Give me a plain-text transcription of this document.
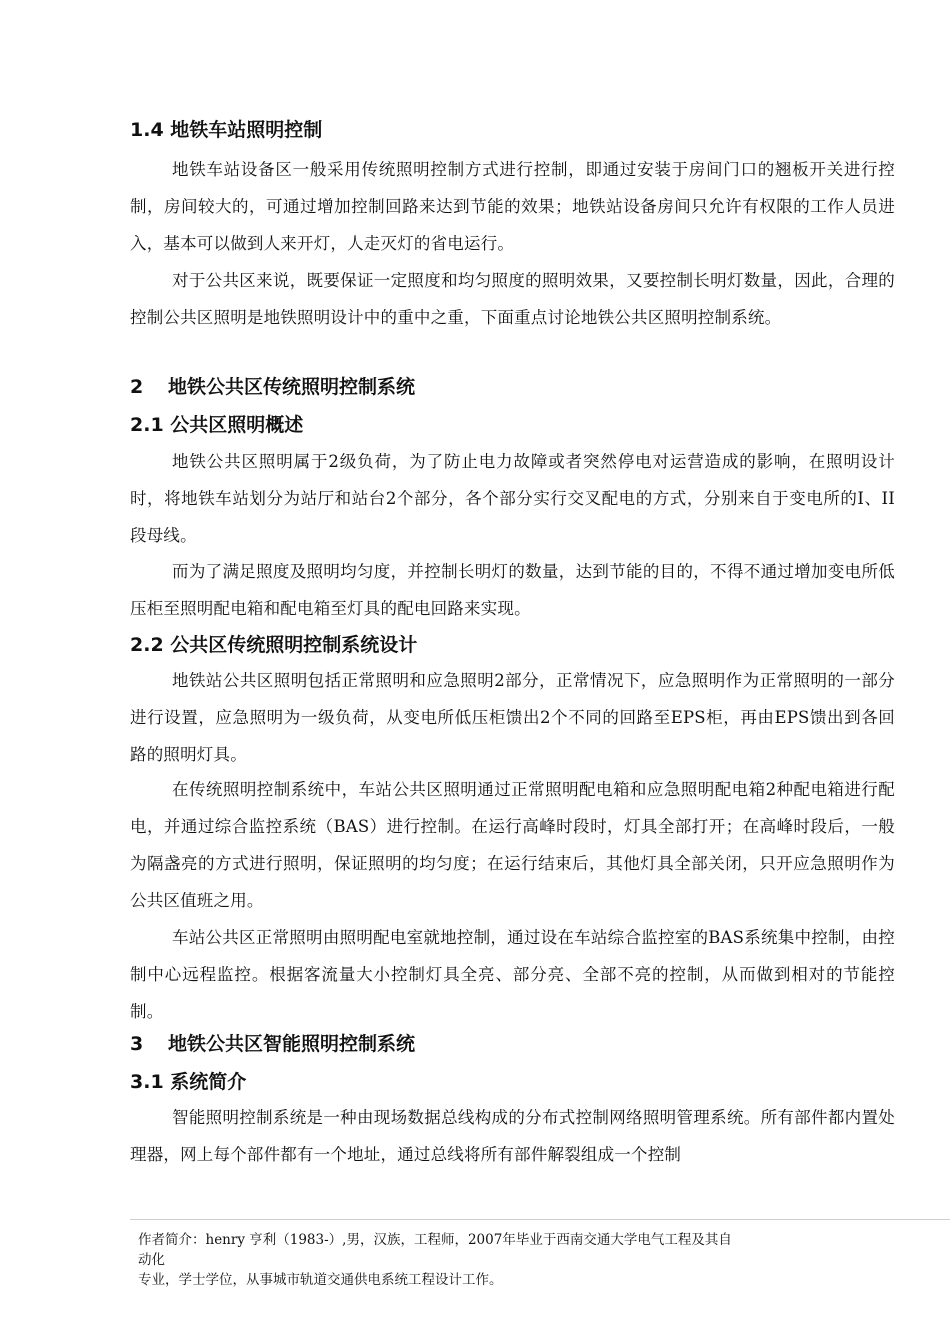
1.4 地铁车站照明控制
地铁车站设备区一般采用传统照明控制方式进行控制，即通过安装于房间门口的翘板开关进行控制，房间较大的，可通过增加控制回路来达到节能的效果；地铁站设备房间只允许有权限的工作人员进入，基本可以做到人来开灯，人走灭灯的省电运行。
对于公共区来说，既要保证一定照度和均匀照度的照明效果，又要控制长明灯数量，因此，合理的控制公共区照明是地铁照明设计中的重中之重，下面重点讨论地铁公共区照明控制系统。
2 地铁公共区传统照明控制系统
2.1 公共区照明概述
地铁公共区照明属于2级负荷，为了防止电力故障或者突然停电对运营造成的影响，在照明设计时，将地铁车站划分为站厅和站台2个部分，各个部分实行交叉配电的方式，分别来自于变电所的I、II段母线。
而为了满足照度及照明均匀度，并控制长明灯的数量，达到节能的目的，不得不通过增加变电所低压柜至照明配电箱和配电箱至灯具的配电回路来实现。
2.2 公共区传统照明控制系统设计
地铁站公共区照明包括正常照明和应急照明2部分，正常情况下，应急照明作为正常照明的一部分进行设置，应急照明为一级负荷，从变电所低压柜馈出2个不同的回路至EPS柜，再由EPS馈出到各回路的照明灯具。
在传统照明控制系统中，车站公共区照明通过正常照明配电箱和应急照明配电箱2种配电箱进行配电，并通过综合监控系统（BAS）进行控制。在运行高峰时段时，灯具全部打开；在高峰时段后，一般为隔盏亮的方式进行照明，保证照明的均匀度；在运行结束后，其他灯具全部关闭，只开应急照明作为公共区值班之用。
车站公共区正常照明由照明配电室就地控制，通过设在车站综合监控室的BAS系统集中控制，由控制中心远程监控。根据客流量大小控制灯具全亮、部分亮、全部不亮的控制，从而做到相对的节能控制。
3 地铁公共区智能照明控制系统
3.1 系统简介
智能照明控制系统是一种由现场数据总线构成的分布式控制网络照明管理系统。所有部件都内置处理器，网上每个部件都有一个地址，通过总线将所有部件解裂组成一个控制
作者简介：henry 亨利（1983-）,男，汉族，工程师，2007年毕业于西南交通大学电气工程及其自
动化
专业，学士学位，从事城市轨道交通供电系统工程设计工作。
